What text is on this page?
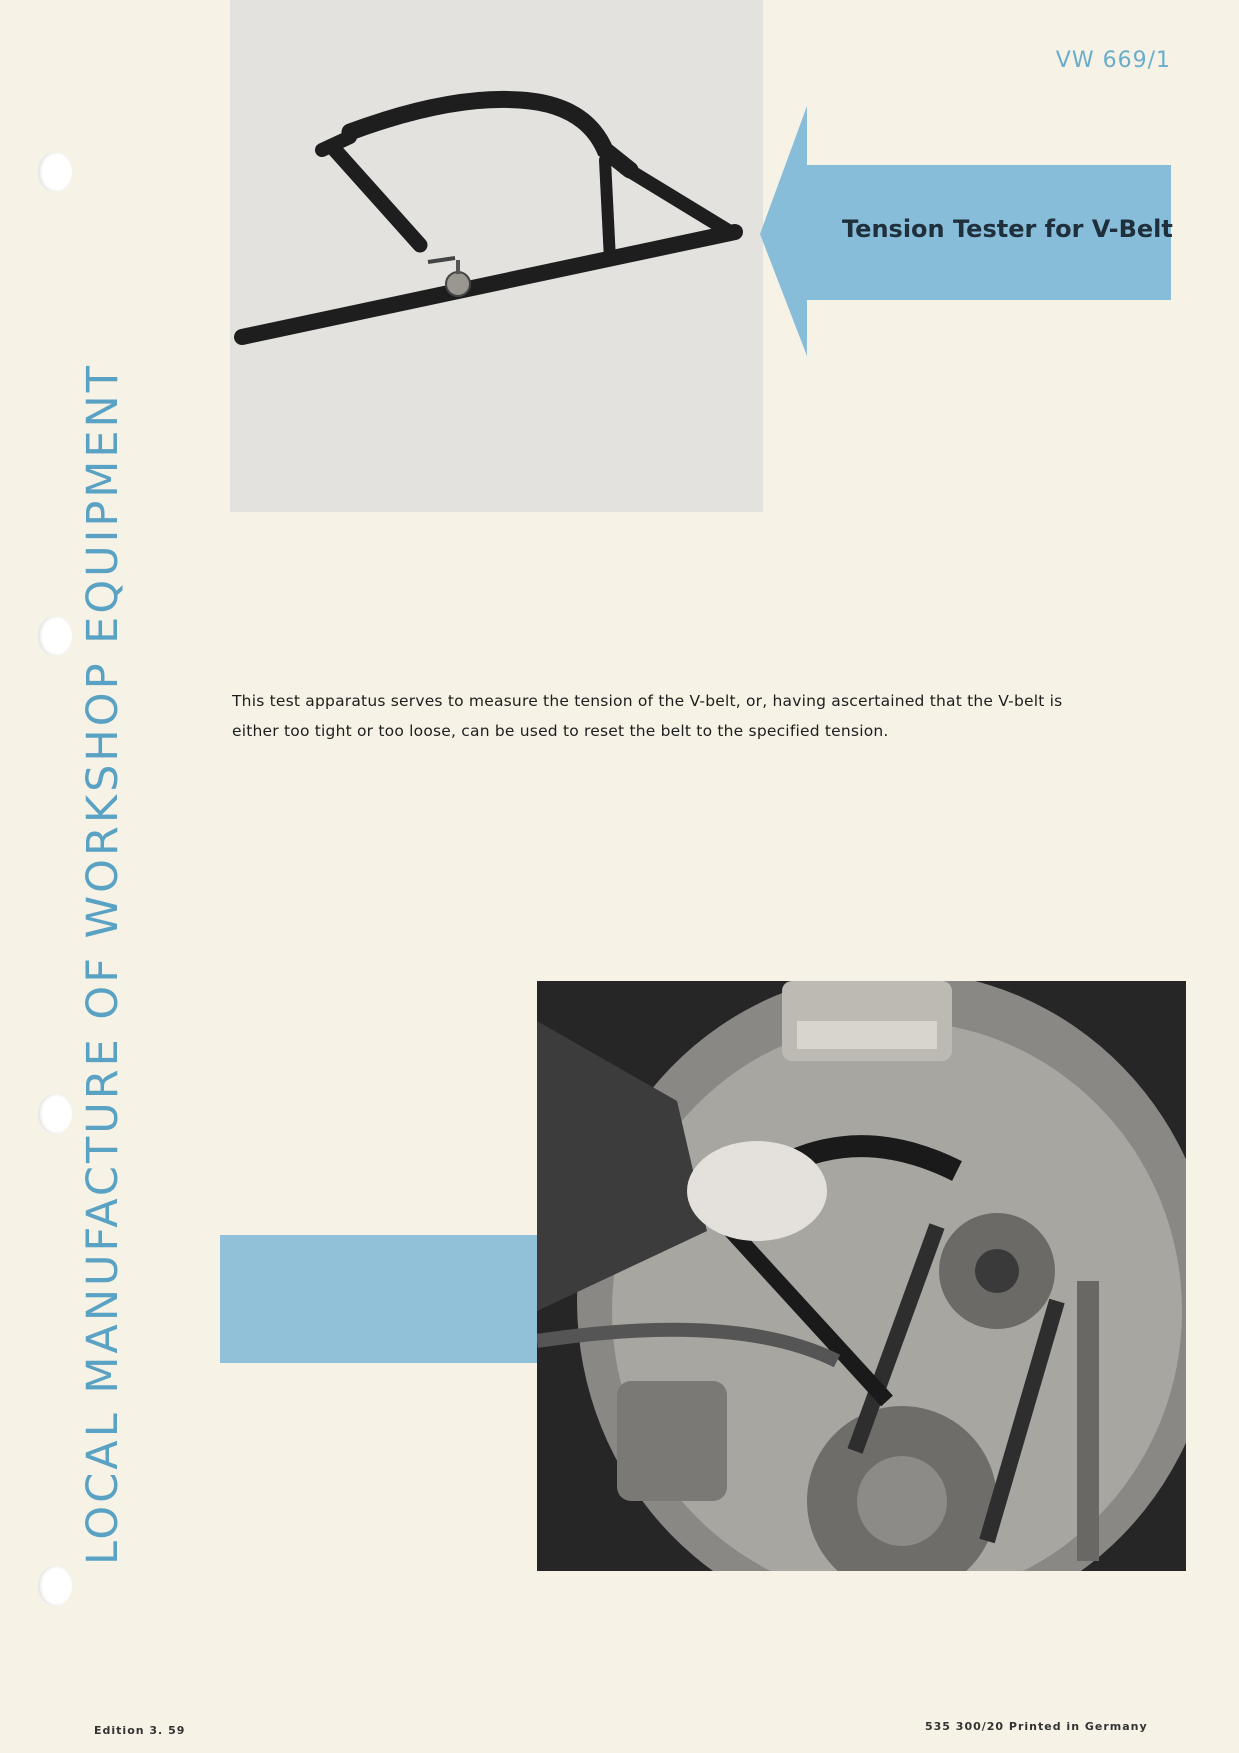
LOCAL MANUFACTURE OF WORKSHOP EQUIPMENT
VW 669/1
Tension Tester for V-Belt
This test apparatus serves to measure the tension of the V-belt, or, having ascertained that the V-belt is
either too tight or too loose, can be used to reset the belt to the specified tension.
Edition 3. 59	535 300/20 Printed in Germany
